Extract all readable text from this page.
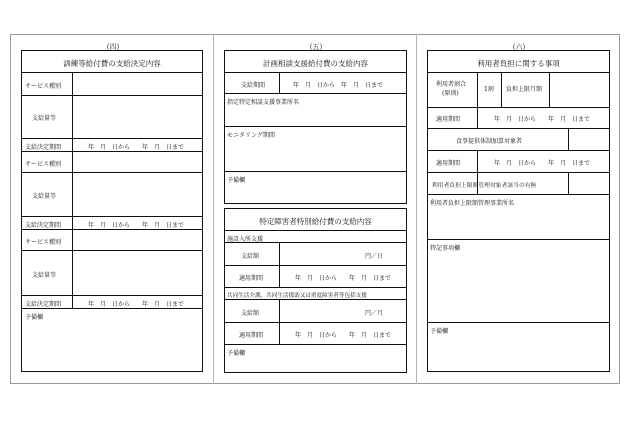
(四)	(五)	(六)
訓練等給付費の支給決定内容
サービス種別
支給量等
支給決定期間	年　月　日から　　年　月　日まで
サービス種別
支給量等
支給決定期間	年　月　日から　　年　月　日まで
サービス種別
支給量等
支給決定期間	年　月　日から　　年　月　日まで
予備欄
計画相談支援給付費の支給内容
支給期間	年　月　日から　年　月　日まで
指定特定相談支援事業所名
モニタリング期間
予備欄
特定障害者特別給付費の支給内容
施設入所支援
支給額	円／日
適用期間	年　月　日から　　年　月　日まで
共同生活介護、共同生活援助又は重度障害者等包括支援
支給額	円／月
適用期間	年　月　日から　　年　月　日まで
予備欄
利用者負担に関する事項
利用者割合
(原則)
1割 負担上限月額
適用期間	年　月　日から　　年　月　日まで
食事提供体制加算対象者
適用期間	年　月　日から　　年　月　日まで
利用者負担上限額管理対象者該当の有無
利用者負担上限額管理事業所名
特記事項欄
予備欄
